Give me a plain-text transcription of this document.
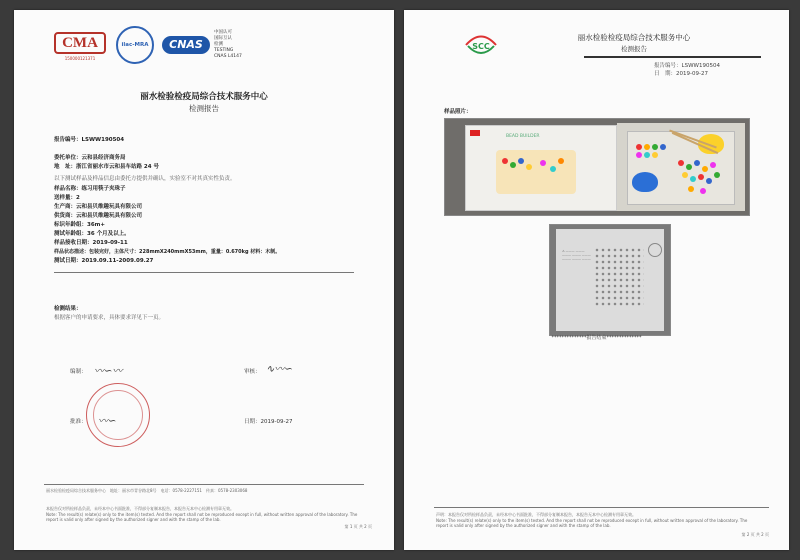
CMA
150000121371
ilac-MRA	CNAS
中国认可
国际互认
检测
TESTING
CNAS L4147
丽水检验检疫局综合技术服务中心
检测报告
报告编号：LSWW190504
委托单位：云和县经济商务局
地　址：浙江省丽水市云和县车站路 24 号
以下测试样品及样品信息由委托方提供并确认，实验室不对其真实性负责。
样品名称：练习用筷子夹珠子
送样量：2
生产商：云和县贝维趣玩具有限公司
供货商：云和县贝维趣玩具有限公司
标识年龄组：36m+
测试年龄组：36 个月及以上。
样品接收日期：2019-09-11
样品状态描述：包装完好，主体尺寸：228mmX240mmX53mm，重量：0.670kg 材料：木制。
测试日期：2019.09.11-2009.09.27
检测结果：
根据客户的申请要求，具体要求详见下一页。
编制： 〰∽〰	审核： ∿〰∽
批准： 〰∽	日期：2019-09-27
丽水检验检疫局综合技术服务中心　地址：丽水市青谷路北8号　电话：0578-2227151　传真：0578-2303068
本报告仅对所检样品负责，未经本中心书面批准，不得部分复制本报告，本报告无本中心检测专用章无效。
Note: The result(s) relate(s) only to the item(s) tested. And the report shall not be reproduced except in full, without written approval of the laboratory. The
report is valid only after signed by the authorized signer and with the stamp of the lab.
第 1 页 共 2 页
SCC
丽水检验检疫局综合技术服务中心
检测报告
报告编号：LSWW190504
日　期：2019-09-27
样品照片：
BEAD BUILDER
⚠ ——— ——— ——— ——— ——— ——— ——— ———
**************报告结束**************
声明：本报告仅对所检样品负责，未经本中心书面批准，不得部分复制本报告，本报告无本中心检测专用章无效。
Note: The result(s) relate(s) only to the item(s) tested. And the report shall not be reproduced except in full, without written approval of the laboratory. The
report is valid only after signed by the authorized signer and with the stamp of the lab.
第 2 页 共 2 页
